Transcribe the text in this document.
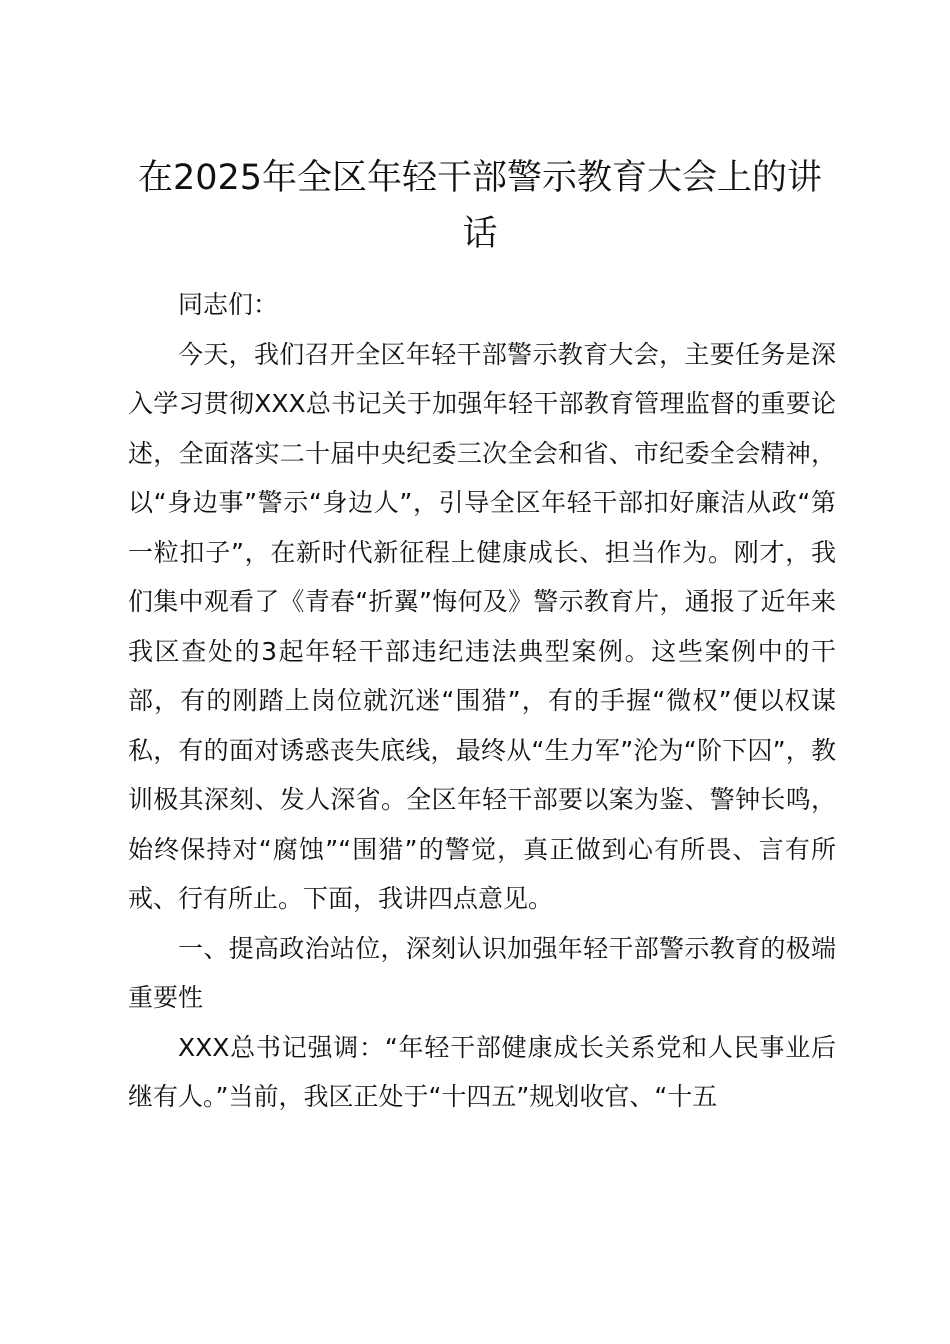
在2025年全区年轻干部警示教育大会上的讲话

同志们：

今天，我们召开全区年轻干部警示教育大会，主要任务是深入学习贯彻XXX总书记关于加强年轻干部教育管理监督的重要论述，全面落实二十届中央纪委三次全会和省、市纪委全会精神，以“身边事”警示“身边人”，引导全区年轻干部扣好廉洁从政“第一粒扣子”，在新时代新征程上健康成长、担当作为。刚才，我们集中观看了《青春“折翼”悔何及》警示教育片，通报了近年来我区查处的3起年轻干部违纪违法典型案例。这些案例中的干部，有的刚踏上岗位就沉迷“围猎”，有的手握“微权”便以权谋私，有的面对诱惑丧失底线，最终从“生力军”沦为“阶下囚”，教训极其深刻、发人深省。全区年轻干部要以案为鉴、警钟长鸣，始终保持对“腐蚀”“围猎”的警觉，真正做到心有所畏、言有所戒、行有所止。下面，我讲四点意见。

一、提高政治站位，深刻认识加强年轻干部警示教育的极端重要性

XXX总书记强调：“年轻干部健康成长关系党和人民事业后继有人。”当前，我区正处于“十四五”规划收官、“十五
